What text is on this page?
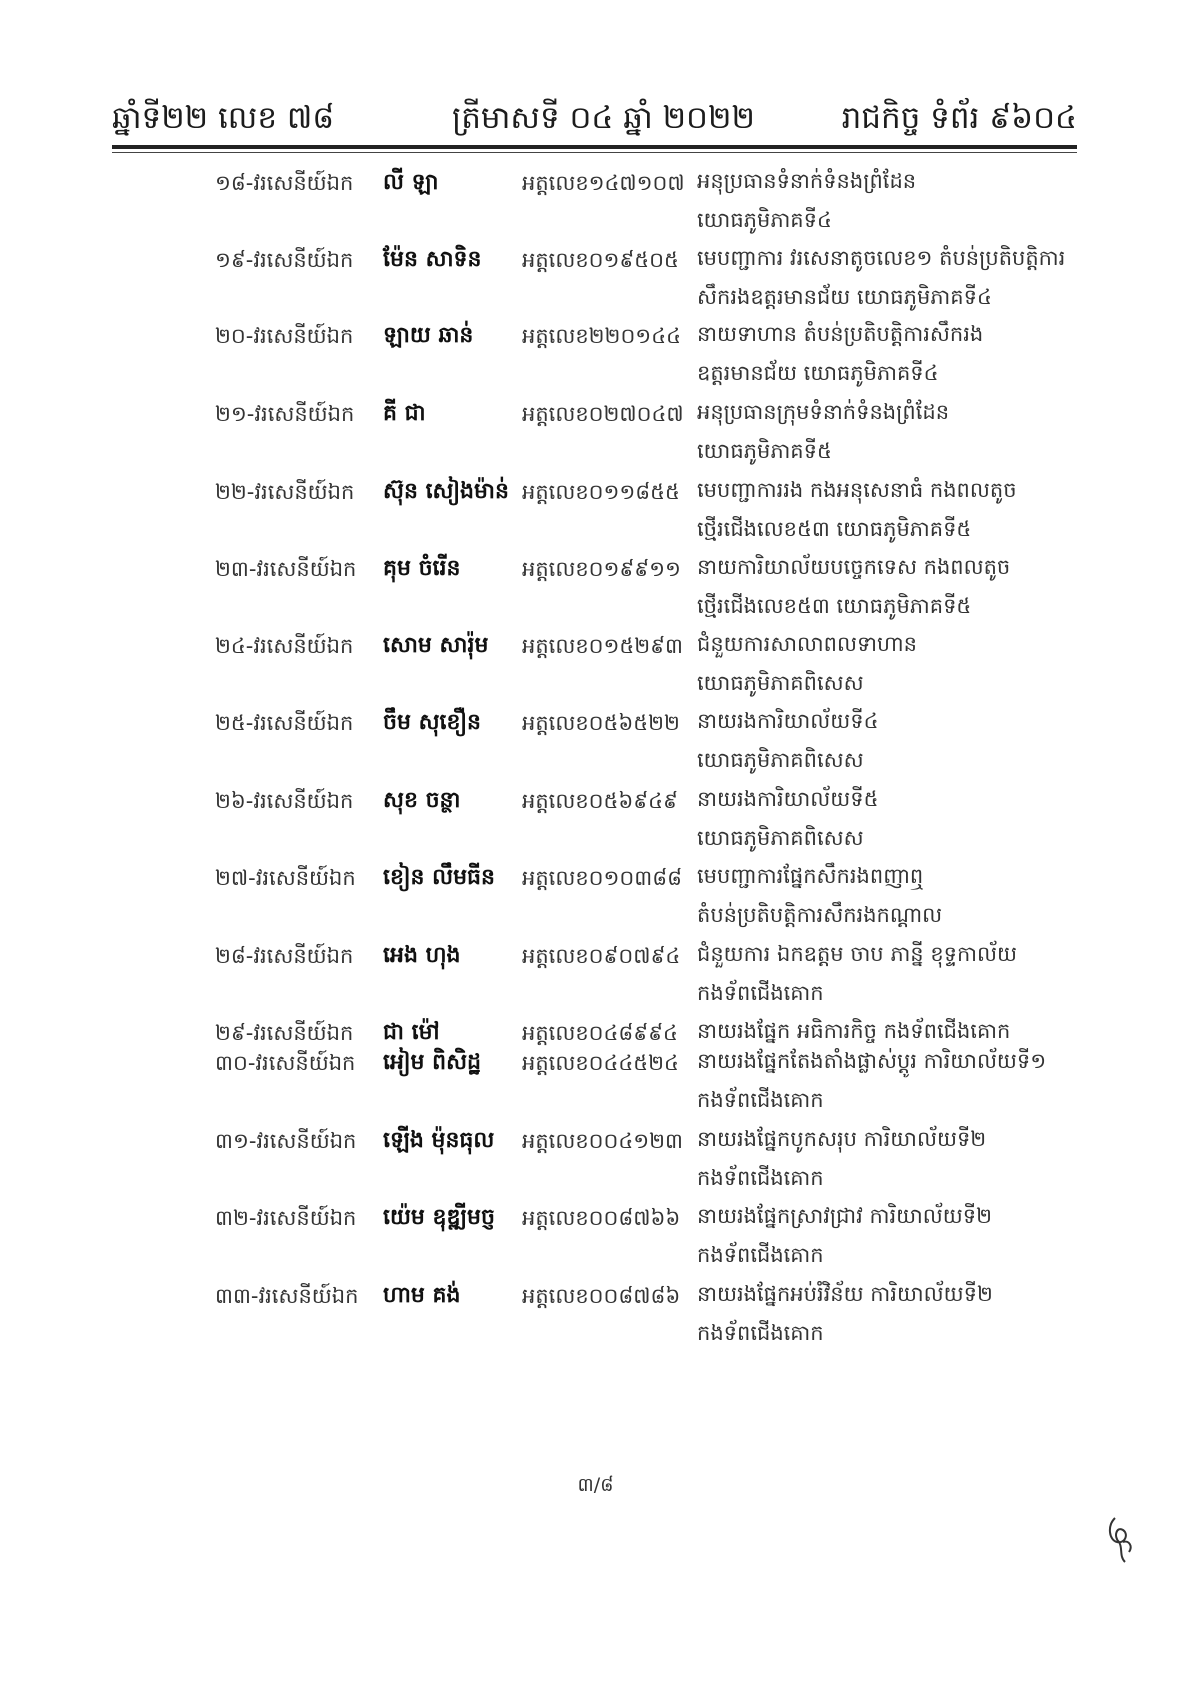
ឆ្នាំទី២២ លេខ ៧៨	ត្រីមាសទី ០៤ ឆ្នាំ ២០២២	រាជកិច្ច ទំព័រ ៩៦០៤
១៨-វរសេនីយ៍ឯក	លី ឡា	អត្តលេខ១៤៧១០៧ អនុប្រធានទំនាក់ទំនងព្រំដែន
យោធភូមិភាគទី៤
១៩-វរសេនីយ៍ឯក	ម៉ែន សាទិន	អត្តលេខ០១៩៥០៥ មេបញ្ជាការ វរសេនាតូចលេខ១ តំបន់ប្រតិបត្តិការ
សឹករងឧត្តរមានជ័យ យោធភូមិភាគទី៤
២០-វរសេនីយ៍ឯក	ឡាយ ឆាន់	អត្តលេខ២២០១៤៤ នាយទាហាន តំបន់ប្រតិបត្តិការសឹករង
ឧត្តរមានជ័យ យោធភូមិភាគទី៤
២១-វរសេនីយ៍ឯក	គី ជា	អត្តលេខ០២៧០៤៧ អនុប្រធានក្រុមទំនាក់ទំនងព្រំដែន
យោធភូមិភាគទី៥
២២-វរសេនីយ៍ឯក	ស៊ុន សៀងម៉ាន់ អត្តលេខ០១១៨៥៥ មេបញ្ជាការរង កងអនុសេនាធំ កងពលតូច
ថ្មើរជើងលេខ៥៣ យោធភូមិភាគទី៥
២៣-វរសេនីយ៍ឯក	គុម ចំរើន	អត្តលេខ០១៩៩១១ នាយការិយាល័យបច្ចេកទេស កងពលតូច
ថ្មើរជើងលេខ៥៣ យោធភូមិភាគទី៥
២៤-វរសេនីយ៍ឯក	សោម សារ៉ុម	អត្តលេខ០១៥២៩៣ ជំនួយការសាលាពលទាហាន
យោធភូមិភាគពិសេស
២៥-វរសេនីយ៍ឯក	ចឹម សុខឿន	អត្តលេខ០៥៦៥២២ នាយរងការិយាល័យទី៤
យោធភូមិភាគពិសេស
២៦-វរសេនីយ៍ឯក	សុខ ចន្ថា	អត្តលេខ០៥៦៩៤៩ នាយរងការិយាល័យទី៥
យោធភូមិភាគពិសេស
២៧-វរសេនីយ៍ឯក	ខៀន លឹមធីន	អត្តលេខ០១០៣៨៨ មេបញ្ជាការផ្នែកសឹករងពញាឮ
តំបន់ប្រតិបត្តិការសឹករងកណ្តាល
២៨-វរសេនីយ៍ឯក	អេង ហុង	អត្តលេខ០៩០៧៩៤ ជំនួយការ ឯកឧត្តម ចាប ភាន្នី ខុទ្ទកាល័យ
កងទ័ពជើងគោក
២៩-វរសេនីយ៍ឯក	ជា ម៉ៅ	អត្តលេខ០៤៨៩៩៤ នាយរងផ្នែក អធិការកិច្ច កងទ័ពជើងគោក
៣០-វរសេនីយ៍ឯក	អៀម ពិសិដ្ឋ	អត្តលេខ០៤៤៥២៤ នាយរងផ្នែកតែងតាំងផ្លាស់ប្តូរ ការិយាល័យទី១
កងទ័ពជើងគោក
៣១-វរសេនីយ៍ឯក	ឡើង ម៉ុនធុល	អត្តលេខ០០៤១២៣ នាយរងផ្នែកបូកសរុប ការិយាល័យទី២
កងទ័ពជើងគោក
៣២-វរសេនីយ៍ឯក	យ៉េម ឧុឌ្ឍីមច្ញ	អត្តលេខ០០៨៧៦៦ នាយរងផ្នែកស្រាវជ្រាវ ការិយាល័យទី២
កងទ័ពជើងគោក
៣៣-វរសេនីយ៍ឯក	ហាម គង់	អត្តលេខ០០៨៧៨៦ នាយរងផ្នែកអប់រំវិន័យ ការិយាល័យទី២
កងទ័ពជើងគោក
៣/៨
